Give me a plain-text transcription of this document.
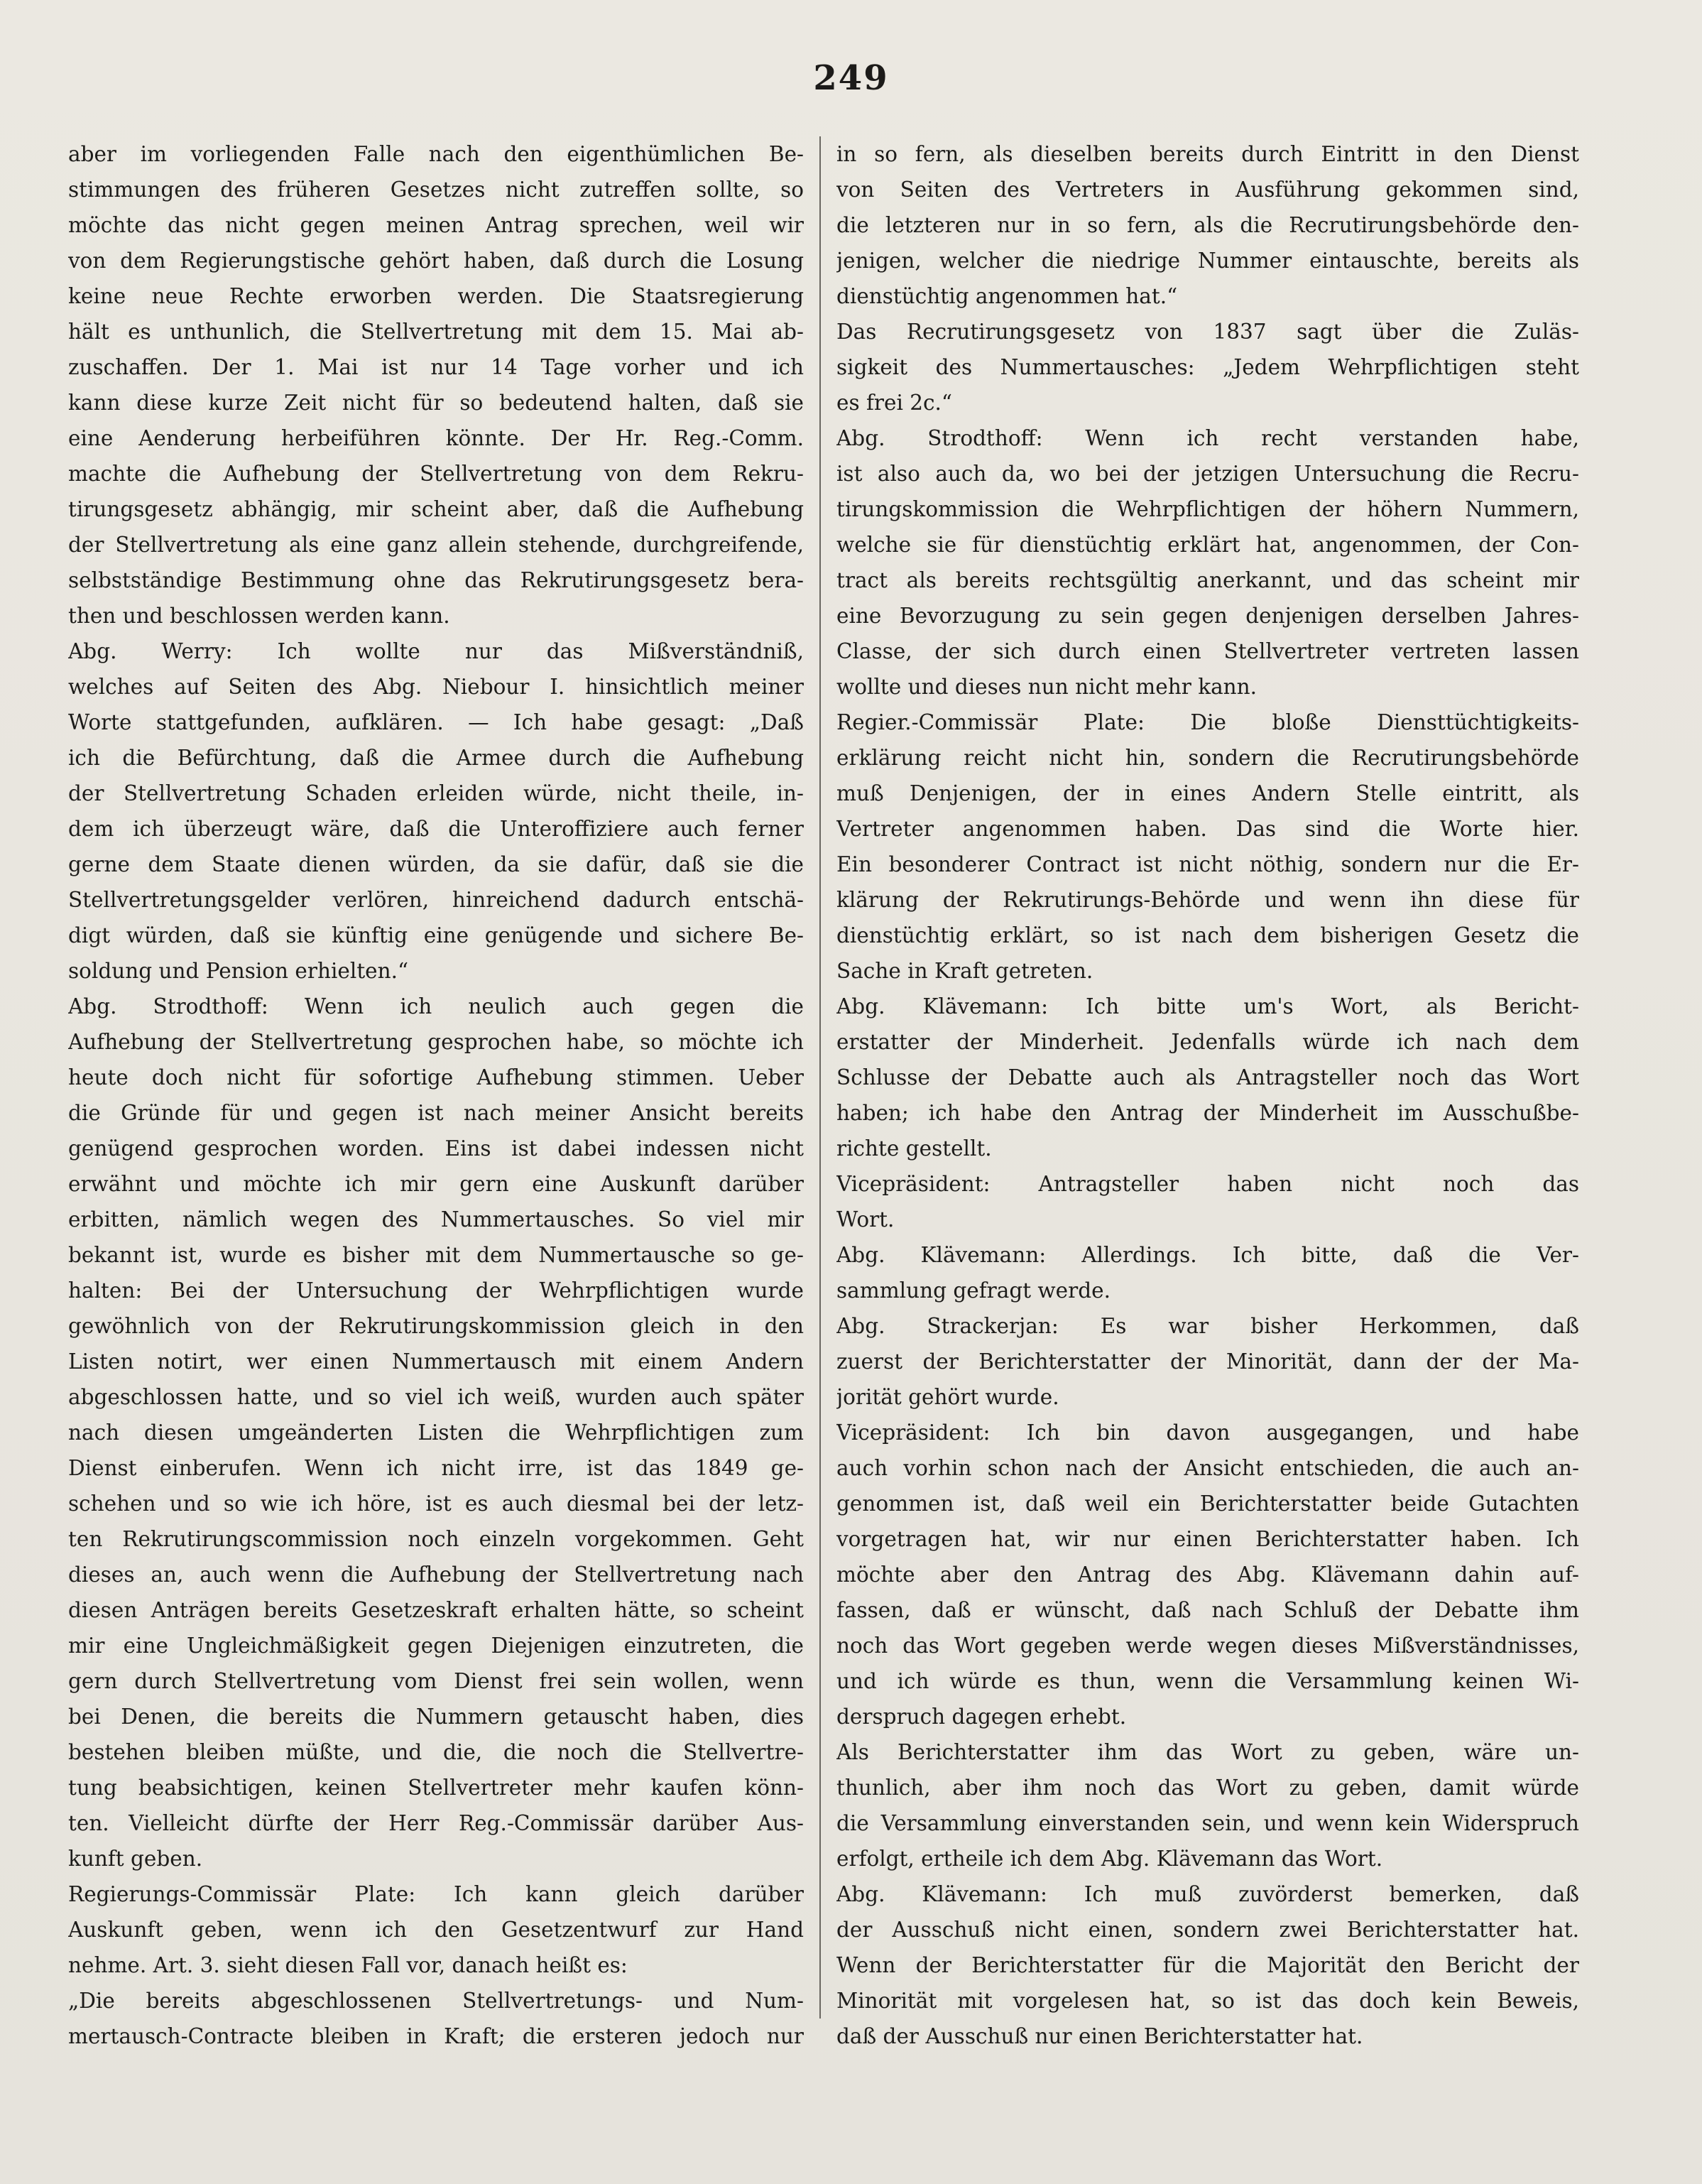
249
aber im vorliegenden Falle nach den eigenthümlichen Be-
stimmungen des früheren Gesetzes nicht zutreffen sollte, so
möchte das nicht gegen meinen Antrag sprechen, weil wir
von dem Regierungstische gehört haben, daß durch die Losung
keine neue Rechte erworben werden. Die Staatsregierung
hält es unthunlich, die Stellvertretung mit dem 15. Mai ab-
zuschaffen. Der 1. Mai ist nur 14 Tage vorher und ich
kann diese kurze Zeit nicht für so bedeutend halten, daß sie
eine Aenderung herbeiführen könnte. Der Hr. Reg.-Comm.
machte die Aufhebung der Stellvertretung von dem Rekru-
tirungsgesetz abhängig, mir scheint aber, daß die Aufhebung
der Stellvertretung als eine ganz allein stehende, durchgreifende,
selbstständige Bestimmung ohne das Rekrutirungsgesetz bera-
then und beschlossen werden kann.
Abg. Werry: Ich wollte nur das Mißverständniß,
welches auf Seiten des Abg. Niebour I. hinsichtlich meiner
Worte stattgefunden, aufklären. — Ich habe gesagt: „Daß
ich die Befürchtung, daß die Armee durch die Aufhebung
der Stellvertretung Schaden erleiden würde, nicht theile, in-
dem ich überzeugt wäre, daß die Unteroffiziere auch ferner
gerne dem Staate dienen würden, da sie dafür, daß sie die
Stellvertretungsgelder verlören, hinreichend dadurch entschä-
digt würden, daß sie künftig eine genügende und sichere Be-
soldung und Pension erhielten.“
Abg. Strodthoff: Wenn ich neulich auch gegen die
Aufhebung der Stellvertretung gesprochen habe, so möchte ich
heute doch nicht für sofortige Aufhebung stimmen. Ueber
die Gründe für und gegen ist nach meiner Ansicht bereits
genügend gesprochen worden. Eins ist dabei indessen nicht
erwähnt und möchte ich mir gern eine Auskunft darüber
erbitten, nämlich wegen des Nummertausches. So viel mir
bekannt ist, wurde es bisher mit dem Nummertausche so ge-
halten: Bei der Untersuchung der Wehrpflichtigen wurde
gewöhnlich von der Rekrutirungskommission gleich in den
Listen notirt, wer einen Nummertausch mit einem Andern
abgeschlossen hatte, und so viel ich weiß, wurden auch später
nach diesen umgeänderten Listen die Wehrpflichtigen zum
Dienst einberufen. Wenn ich nicht irre, ist das 1849 ge-
schehen und so wie ich höre, ist es auch diesmal bei der letz-
ten Rekrutirungscommission noch einzeln vorgekommen. Geht
dieses an, auch wenn die Aufhebung der Stellvertretung nach
diesen Anträgen bereits Gesetzeskraft erhalten hätte, so scheint
mir eine Ungleichmäßigkeit gegen Diejenigen einzutreten, die
gern durch Stellvertretung vom Dienst frei sein wollen, wenn
bei Denen, die bereits die Nummern getauscht haben, dies
bestehen bleiben müßte, und die, die noch die Stellvertre-
tung beabsichtigen, keinen Stellvertreter mehr kaufen könn-
ten. Vielleicht dürfte der Herr Reg.-Commissär darüber Aus-
kunft geben.
Regierungs-Commissär Plate: Ich kann gleich darüber
Auskunft geben, wenn ich den Gesetzentwurf zur Hand
nehme. Art. 3. sieht diesen Fall vor, danach heißt es:
„Die bereits abgeschlossenen Stellvertretungs- und Num-
mertausch-Contracte bleiben in Kraft; die ersteren jedoch nur
in so fern, als dieselben bereits durch Eintritt in den Dienst
von Seiten des Vertreters in Ausführung gekommen sind,
die letzteren nur in so fern, als die Recrutirungsbehörde den-
jenigen, welcher die niedrige Nummer eintauschte, bereits als
dienstüchtig angenommen hat.“
Das Recrutirungsgesetz von 1837 sagt über die Zuläs-
sigkeit des Nummertausches: „Jedem Wehrpflichtigen steht
es frei 2c.“
Abg. Strodthoff: Wenn ich recht verstanden habe,
ist also auch da, wo bei der jetzigen Untersuchung die Recru-
tirungskommission die Wehrpflichtigen der höhern Nummern,
welche sie für dienstüchtig erklärt hat, angenommen, der Con-
tract als bereits rechtsgültig anerkannt, und das scheint mir
eine Bevorzugung zu sein gegen denjenigen derselben Jahres-
Classe, der sich durch einen Stellvertreter vertreten lassen
wollte und dieses nun nicht mehr kann.
Regier.-Commissär Plate: Die bloße Diensttüchtigkeits-
erklärung reicht nicht hin, sondern die Recrutirungsbehörde
muß Denjenigen, der in eines Andern Stelle eintritt, als
Vertreter angenommen haben. Das sind die Worte hier.
Ein besonderer Contract ist nicht nöthig, sondern nur die Er-
klärung der Rekrutirungs-Behörde und wenn ihn diese für
dienstüchtig erklärt, so ist nach dem bisherigen Gesetz die
Sache in Kraft getreten.
Abg. Klävemann: Ich bitte um's Wort, als Bericht-
erstatter der Minderheit. Jedenfalls würde ich nach dem
Schlusse der Debatte auch als Antragsteller noch das Wort
haben; ich habe den Antrag der Minderheit im Ausschußbe-
richte gestellt.
Vicepräsident: Antragsteller haben nicht noch das
Wort.
Abg. Klävemann: Allerdings. Ich bitte, daß die Ver-
sammlung gefragt werde.
Abg. Strackerjan: Es war bisher Herkommen, daß
zuerst der Berichterstatter der Minorität, dann der der Ma-
jorität gehört wurde.
Vicepräsident: Ich bin davon ausgegangen, und habe
auch vorhin schon nach der Ansicht entschieden, die auch an-
genommen ist, daß weil ein Berichterstatter beide Gutachten
vorgetragen hat, wir nur einen Berichterstatter haben. Ich
möchte aber den Antrag des Abg. Klävemann dahin auf-
fassen, daß er wünscht, daß nach Schluß der Debatte ihm
noch das Wort gegeben werde wegen dieses Mißverständnisses,
und ich würde es thun, wenn die Versammlung keinen Wi-
derspruch dagegen erhebt.
Als Berichterstatter ihm das Wort zu geben, wäre un-
thunlich, aber ihm noch das Wort zu geben, damit würde
die Versammlung einverstanden sein, und wenn kein Widerspruch
erfolgt, ertheile ich dem Abg. Klävemann das Wort.
Abg. Klävemann: Ich muß zuvörderst bemerken, daß
der Ausschuß nicht einen, sondern zwei Berichterstatter hat.
Wenn der Berichterstatter für die Majorität den Bericht der
Minorität mit vorgelesen hat, so ist das doch kein Beweis,
daß der Ausschuß nur einen Berichterstatter hat.
